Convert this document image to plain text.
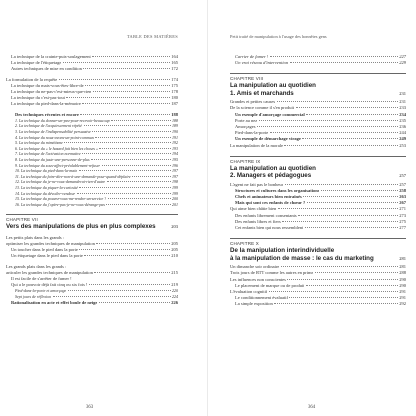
TABLE DES MATIÈRES
La technique de la crainte-puis-soulagement	164
La technique de l'étiquetage	165
Autres techniques de mise en condition	172
La formulation de la requête	174
La technique du mais-vous-êtes-libre-de	175
La technique du ne-pas-c'est-mieux-que-rien	178
La technique du c'est-pas-tout	180
La technique du pied-dans-la-mémoire	187
Des techniques récentes et encore	188
1. La technique du donner-un-peu-pour-recevoir-beaucoup	188
2. La technique de l'acquiescement répété	189
3. La technique de l'indispensabilité persuasive	190
4. La technique du nous-avons-un-point-commun	191
5. La technique du mimétisme	192
6. La technique du « le hasard fait bien les choses »	193
7. La technique de l'activation normative	194
8. La technique du juste-une-personne-de-plus	195
9. La technique du sous-affect-préalablement-refuser	196
10. La technique du pied-dans-la-main	197
11. La technique du faire-dire-non-à-une-demande-pour-quand-déplaire	197
12. La technique du je-ne-vous-demanderai-rien-d'autre	198
13. La technique du piquer-la-curiosité	199
14. La technique du dévoiler-vendeur	199
15. La technique du pouvez-vous-me-rendre-un-service ?	200
16. La technique du j'opère-pas-je-ne-vous-dérange-pas	201
CHAPITRE VII
Vers des manipulations de plus en plus complexes	203
Les petits plats dans les grands :
optimiser les grandes techniques de manipulation	205
Un toucher dans le pied dans la porte	205
Un étiquetage dans le pied dans la porte	210
Les grands plats dans les grands :
articuler les grandes techniques de manipulation	215
Il est facile de s'arrêter de fumer !
Qui a le pouvoir déjà fait cinq ou six fois !	219
Pied-dans-la-porte et amorçage	220
Sept jours de réflexion	224
Rationalisation en acte et effet boule de neige	226
363
Petit traité de manipulation à l'usage des honnêtes gens
Carrier de famer !	227
Un vrai réseau d'intervention	229
CHAPITRE VIII
La manipulation au quotidien
1. Amis et marchands	231
Grandes et petites causes	231
De la science comme il s'en produit	233
Un exemple d'amorçage commercial	234
Porte au nez	235
Amorçages	236
Pied-dans-la-porte	244
Un exemple de démarchage virage	249
La manipulation de la morale	253
CHAPITRE IX
La manipulation au quotidien
2. Managers et pédagogues	257
L'agent ne fait pas le bonheur	257
Structures et cultures dans les organisations	258
Chefs et animateurs bien entraînés	263
Mais qui sont ces enfants de chœur ?	267
Qui aime bien châtie bien	271
Des enfants librement consentants	273
Des enfants libres et fiers	275
Cet enfants bien qui nous ressemblent	277
CHAPITRE X
De la manipulation interindividuelle
à la manipulation de masse : le cas du marketing	281
Un dimanche soir ordinaire	281
Trois jours de RTT comme les autres en prime	288
Les influences non conscientes	290
Le placement de marque ou de produit	290
L'évaluation cognitif	291
Le conditionnement évaluatif	291
La simple exposition	292
364
